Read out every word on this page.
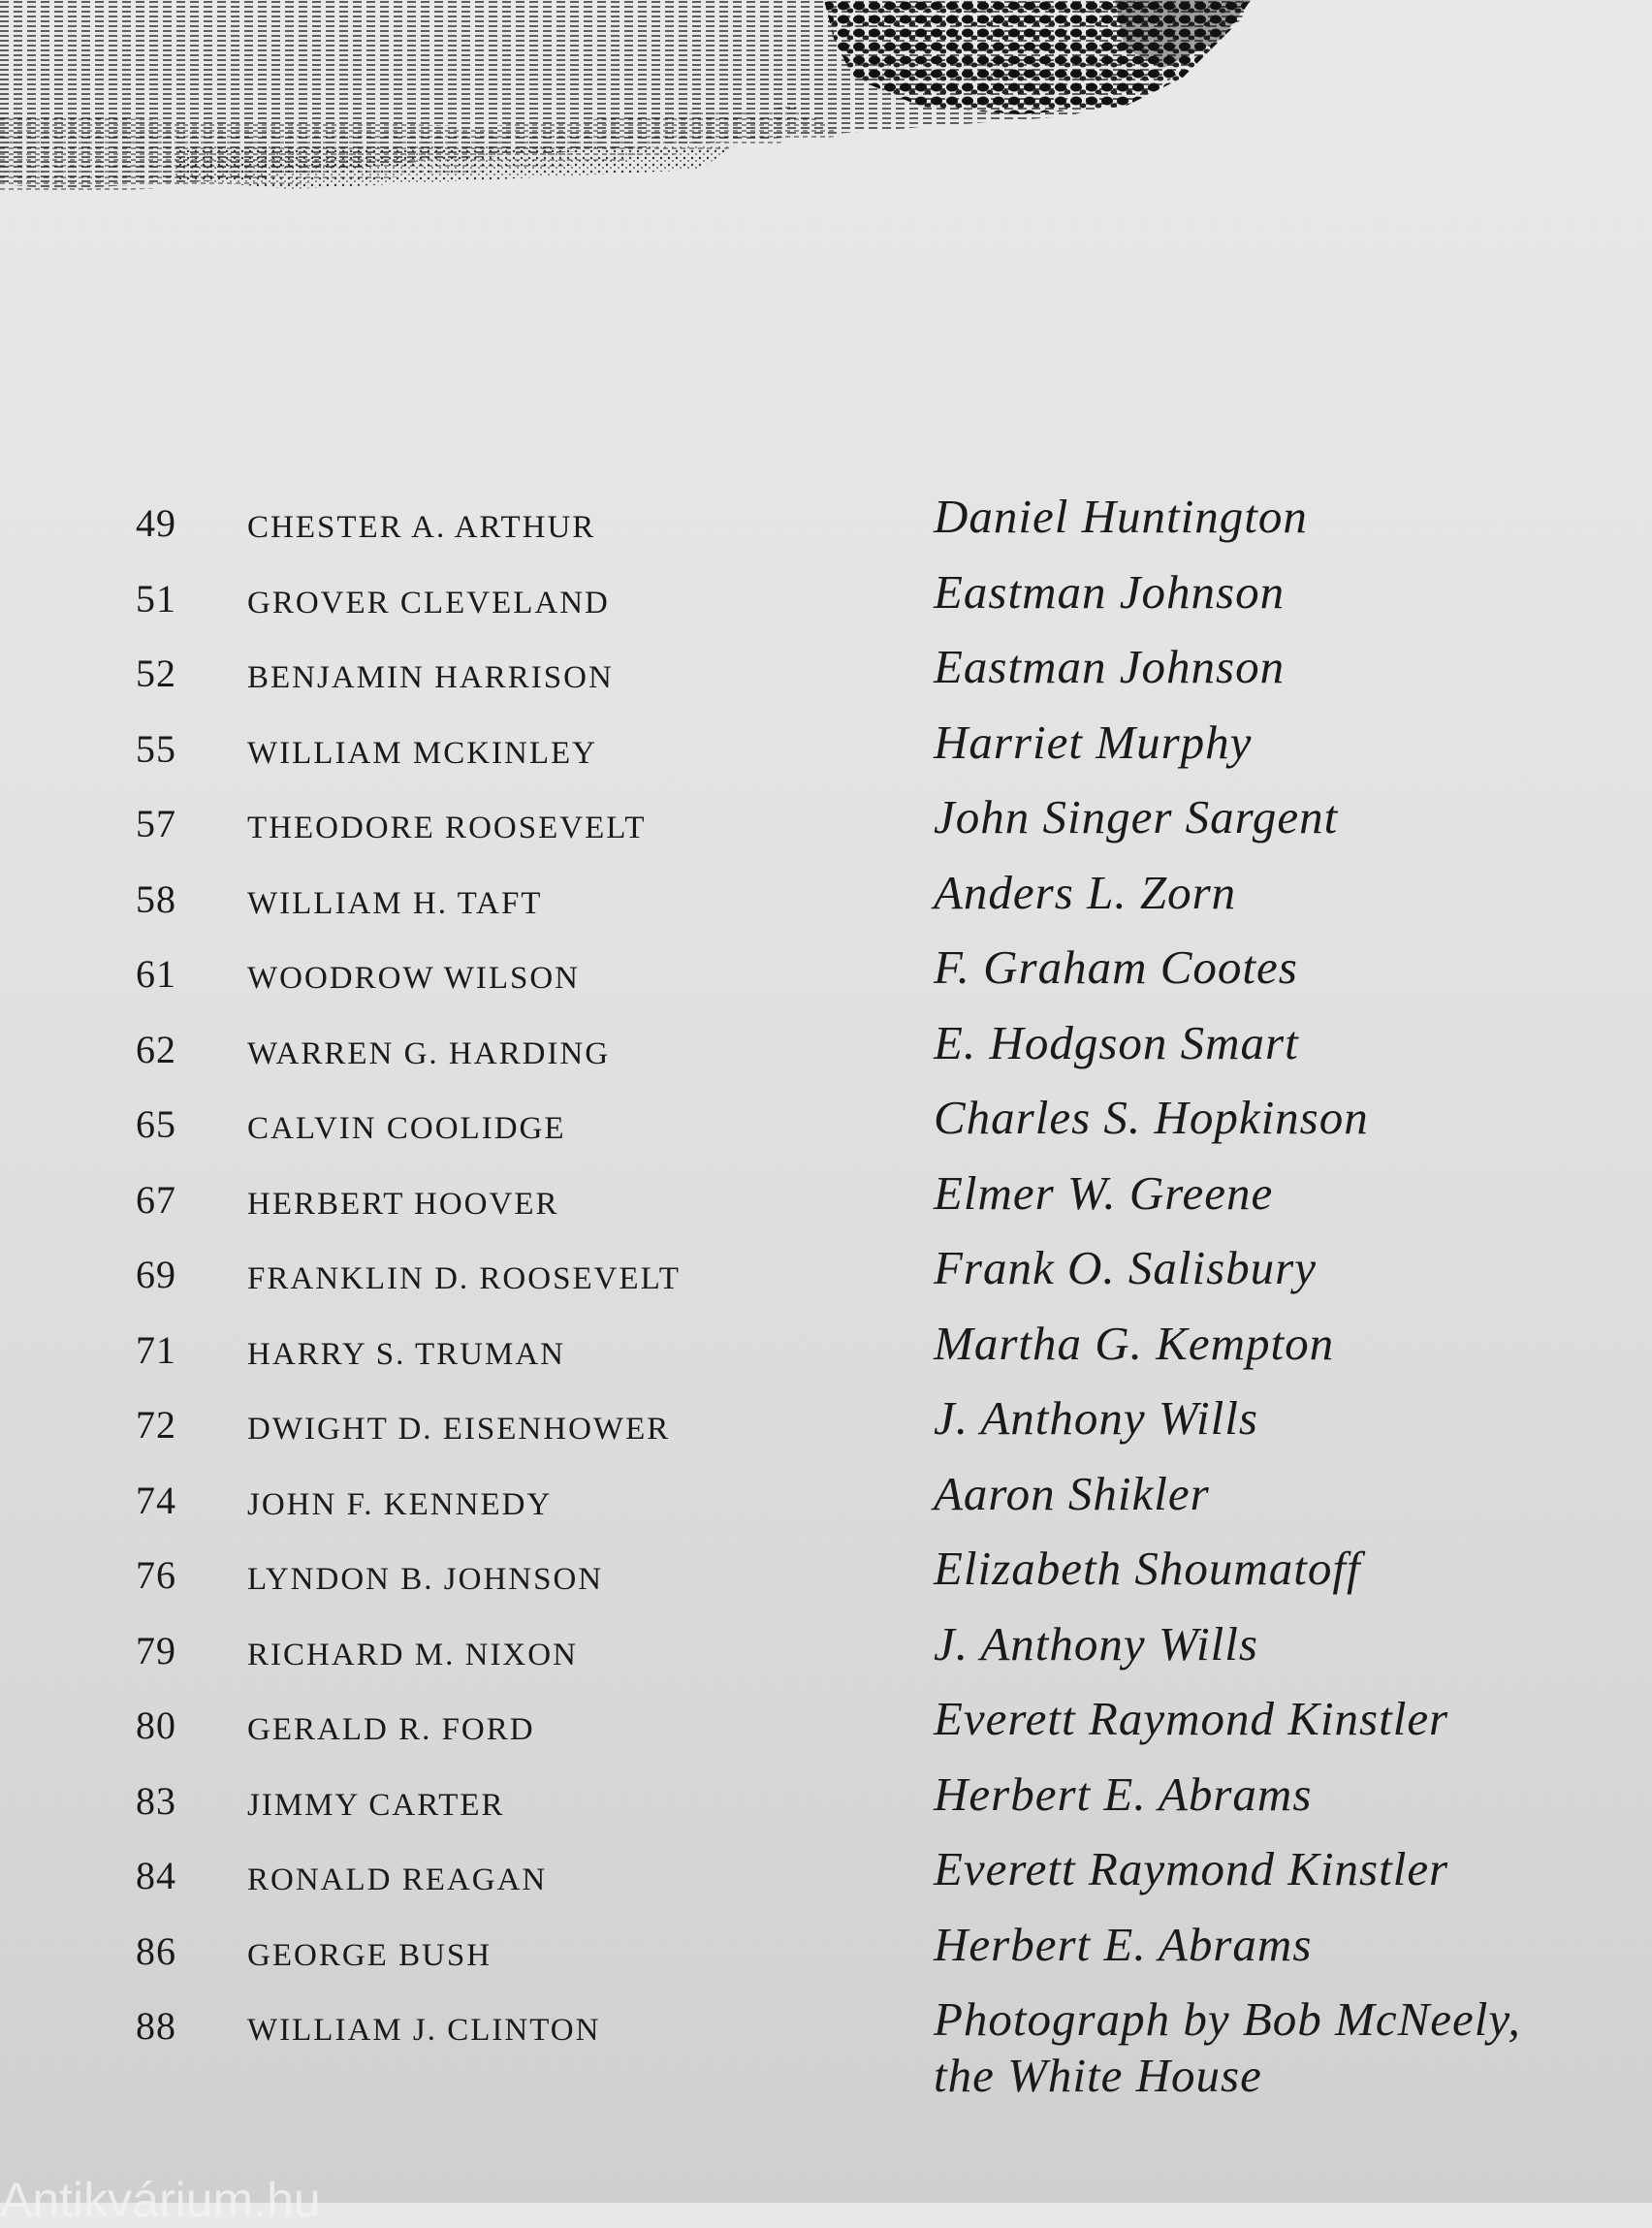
49 CHESTER A. ARTHUR	Daniel Huntington
51 GROVER CLEVELAND	Eastman Johnson
52 BENJAMIN HARRISON	Eastman Johnson
55 WILLIAM MCKINLEY	Harriet Murphy
57 THEODORE ROOSEVELT	John Singer Sargent
58 WILLIAM H. TAFT	Anders L. Zorn
61 WOODROW WILSON	F. Graham Cootes
62 WARREN G. HARDING	E. Hodgson Smart
65 CALVIN COOLIDGE	Charles S. Hopkinson
67 HERBERT HOOVER	Elmer W. Greene
69 FRANKLIN D. ROOSEVELT	Frank O. Salisbury
71 HARRY S. TRUMAN	Martha G. Kempton
72 DWIGHT D. EISENHOWER	J. Anthony Wills
74 JOHN F. KENNEDY	Aaron Shikler
76 LYNDON B. JOHNSON	Elizabeth Shoumatoff
79 RICHARD M. NIXON	J. Anthony Wills
80 GERALD R. FORD	Everett Raymond Kinstler
83 JIMMY CARTER	Herbert E. Abrams
84 RONALD REAGAN	Everett Raymond Kinstler
86 GEORGE BUSH	Herbert E. Abrams
88 WILLIAM J. CLINTON	Photograph by Bob McNeely,
the White House
Antikvárium.hu
